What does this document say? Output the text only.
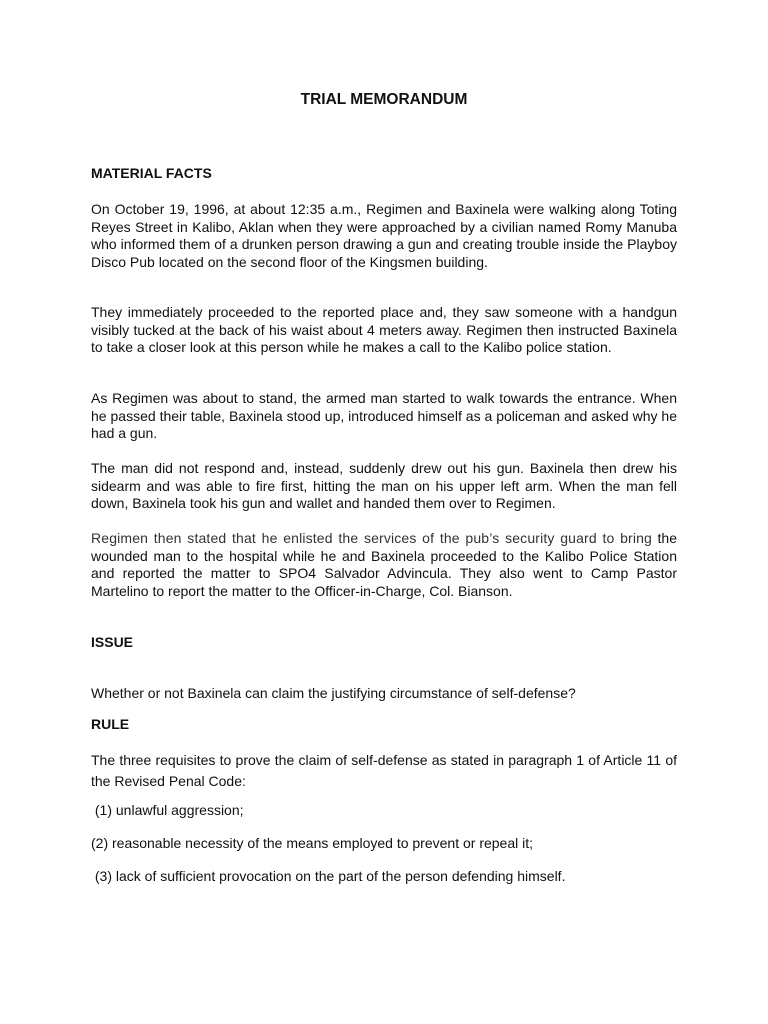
TRIAL MEMORANDUM
MATERIAL FACTS

On October 19, 1996, at about 12:35 a.m., Regimen and Baxinela were walking along Toting Reyes Street in Kalibo, Aklan when they were approached by a civilian named Romy Manuba who informed them of a drunken person drawing a gun and creating trouble inside the Playboy Disco Pub located on the second floor of the Kingsmen building.

They immediately proceeded to the reported place and, they saw someone with a handgun visibly tucked at the back of his waist about 4 meters away. Regimen then instructed Baxinela to take a closer look at this person while he makes a call to the Kalibo police station.

As Regimen was about to stand, the armed man started to walk towards the entrance. When he passed their table, Baxinela stood up, introduced himself as a policeman and asked why he had a gun.

The man did not respond and, instead, suddenly drew out his gun. Baxinela then drew his sidearm and was able to fire first, hitting the man on his upper left arm. When the man fell down, Baxinela took his gun and wallet and handed them over to Regimen.

Regimen then stated that he enlisted the services of the pub’s security guard to bring the wounded man to the hospital while he and Baxinela proceeded to the Kalibo Police Station and reported the matter to SPO4 Salvador Advincula. They also went to Camp Pastor Martelino to report the matter to the Officer-in-Charge, Col. Bianson.

ISSUE
Whether or not Baxinela can claim the justifying circumstance of self-defense?
RULE

The three requisites to prove the claim of self-defense as stated in paragraph 1 of Article 11 of the Revised Penal Code:

(1) unlawful aggression;
(2) reasonable necessity of the means employed to prevent or repeal it;
(3) lack of sufficient provocation on the part of the person defending himself.
